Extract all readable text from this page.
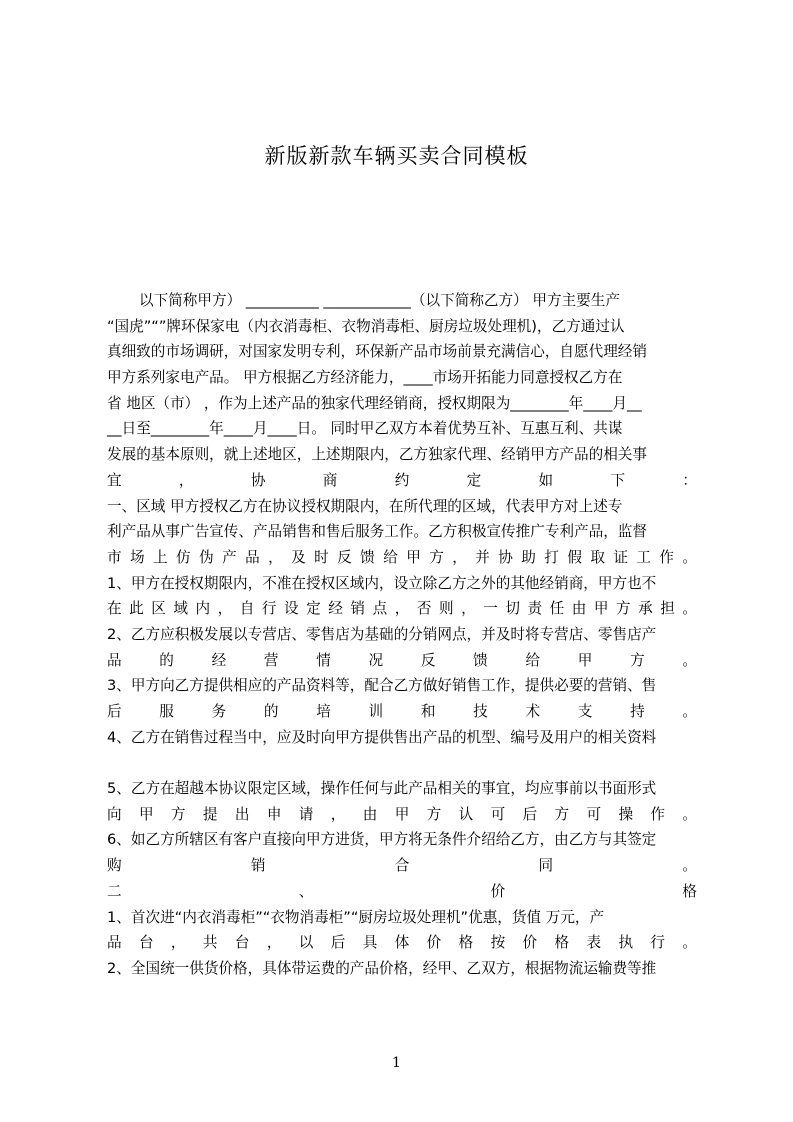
新版新款车辆买卖合同模板
以下简称甲方） __________ ____________（以下简称乙方） 甲方主要生产
“国虎”“”牌环保家电（内衣消毒柜、衣物消毒柜、厨房垃圾处理机)，乙方通过认
真细致的市场调研，对国家发明专利，环保新产品市场前景充满信心，自愿代理经销
甲方系列家电产品。 甲方根据乙方经济能力，____市场开拓能力同意授权乙方在
省 地区（市） ，作为上述产品的独家代理经销商，授权期限为________年____月__
__日至________年____月____日。 同时甲乙双方本着优势互补、互惠互利、共谋
发展的基本原则，就上述地区，上述期限内，乙方独家代理、经销甲方产品的相关事
宜 ， 协 商 约 定 如 下 ：
一、区域 甲方授权乙方在协议授权期限内，在所代理的区域，代表甲方对上述专
利产品从事广告宣传、产品销售和售后服务工作。乙方积极宣传推广专利产品，监督
市 场 上 仿 伪 产 品 ， 及 时 反 馈 给 甲 方 ， 并 协 助 打 假 取 证 工 作 。
1、甲方在授权期限内，不准在授权区域内，设立除乙方之外的其他经销商，甲方也不
在 此 区 域 内 ， 自 行 设 定 经 销 点 ， 否 则 ， 一 切 责 任 由 甲 方 承 担 。
2、乙方应积极发展以专营店、零售店为基础的分销网点，并及时将专营店、零售店产
品 的 经 营 情 况 反 馈 给 甲 方 。
3、甲方向乙方提供相应的产品资料等，配合乙方做好销售工作，提供必要的营销、售
后 服 务 的 培 训 和 技 术 支 持 。
4、乙方在销售过程当中，应及时向甲方提供售出产品的机型、编号及用户的相关资料
5、乙方在超越本协议限定区域，操作任何与此产品相关的事宜，均应事前以书面形式
向 甲 方 提 出 申 请 ， 由 甲 方 认 可 后 方 可 操 作 。
6、如乙方所辖区有客户直接向甲方进货，甲方将无条件介绍给乙方，由乙方与其签定
购 销 合 同 。
二 、 价 格 　 　 　 　 　
1、首次进“内衣消毒柜”“衣物消毒柜”“厨房垃圾处理机”优惠，货值 万元，产
品 台 ， 共 台 ， 以 后 具 体 价 格 按 价 格 表 执 行 。
2、全国统一供货价格，具体带运费的产品价格，经甲、乙双方，根据物流运输费等推
1
